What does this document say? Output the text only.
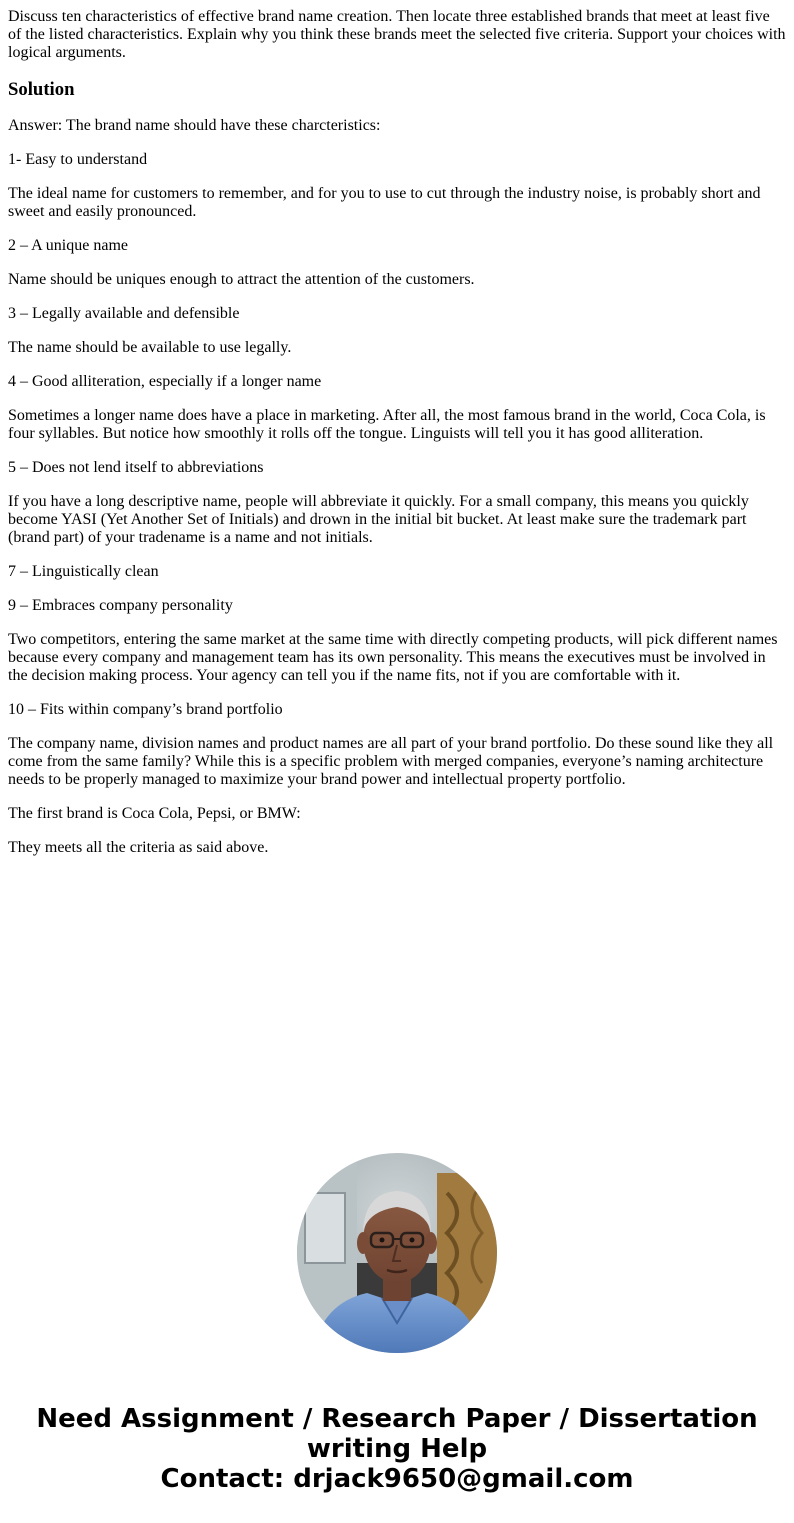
Discuss ten characteristics of effective brand name creation. Then locate three established brands that meet at least five of the listed characteristics. Explain why you think these brands meet the selected five criteria. Support your choices with logical arguments.

Solution

Answer: The brand name should have these charcteristics:

1- Easy to understand

The ideal name for customers to remember, and for you to use to cut through the industry noise, is probably short and sweet and easily pronounced.

2 – A unique name

Name should be uniques enough to attract the attention of the customers.

3 – Legally available and defensible

The name should be available to use legally.

4 – Good alliteration, especially if a longer name

Sometimes a longer name does have a place in marketing. After all, the most famous brand in the world, Coca Cola, is four syllables. But notice how smoothly it rolls off the tongue. Linguists will tell you it has good alliteration.

5 – Does not lend itself to abbreviations

If you have a long descriptive name, people will abbreviate it quickly. For a small company, this means you quickly become YASI (Yet Another Set of Initials) and drown in the initial bit bucket. At least make sure the trademark part (brand part) of your tradename is a name and not initials.

7 – Linguistically clean

9 – Embraces company personality

Two competitors, entering the same market at the same time with directly competing products, will pick different names because every company and management team has its own personality. This means the executives must be involved in the decision making process. Your agency can tell you if the name fits, not if you are comfortable with it.

10 – Fits within company’s brand portfolio

The company name, division names and product names are all part of your brand portfolio. Do these sound like they all come from the same family? While this is a specific problem with merged companies, everyone’s naming architecture needs to be properly managed to maximize your brand power and intellectual property portfolio.

The first brand is Coca Cola, Pepsi, or BMW:

They meets all the criteria as said above.

Need Assignment / Research Paper / Dissertation
writing Help
Contact: drjack9650@gmail.com
